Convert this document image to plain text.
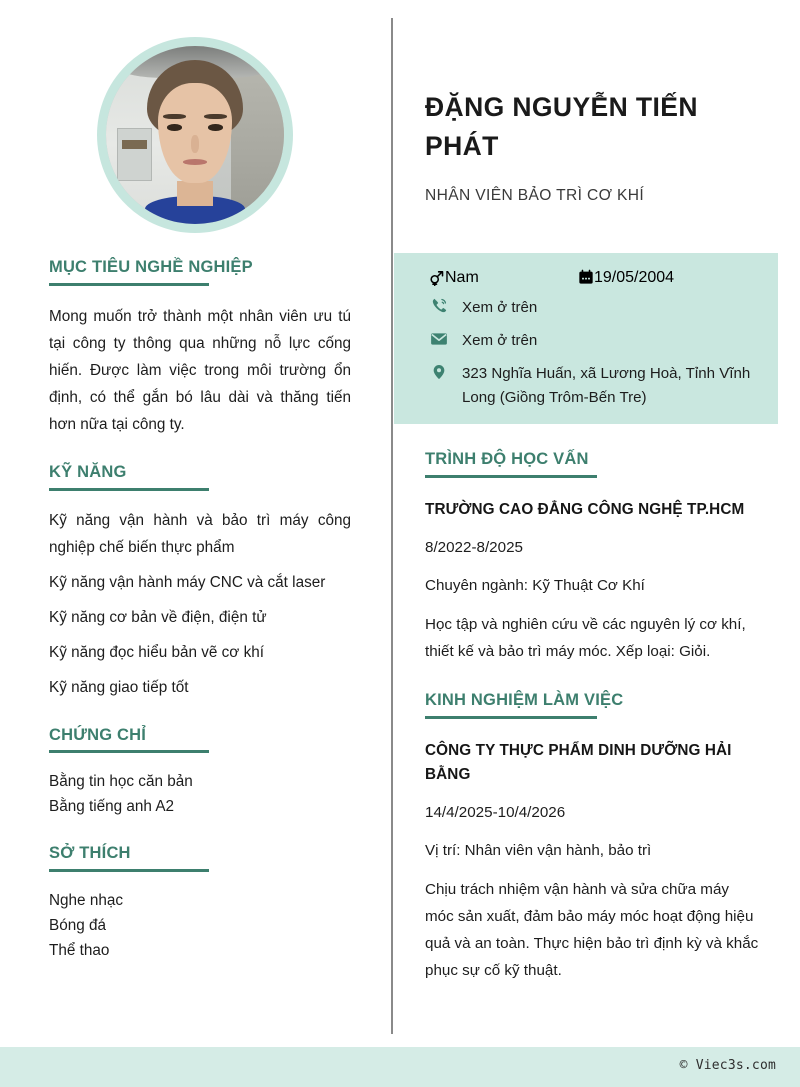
MỤC TIÊU NGHỀ NGHIỆP

Mong muốn trở thành một nhân viên ưu tú tại công ty thông qua những nỗ lực cống hiến. Được làm việc trong môi trường ổn định, có thể gắn bó lâu dài và thăng tiến hơn nữa tại công ty.

KỸ NĂNG
Kỹ năng vận hành và bảo trì máy công nghiệp chế biến thực phẩm
Kỹ năng vận hành máy CNC và cắt laser
Kỹ năng cơ bản về điện, điện tử
Kỹ năng đọc hiểu bản vẽ cơ khí
Kỹ năng giao tiếp tốt
CHỨNG CHỈ
Bằng tin học căn bản
Bằng tiếng anh A2
SỞ THÍCH
Nghe nhạc
Bóng đá
Thể thao
ĐẶNG NGUYỄN TIẾN PHÁT
NHÂN VIÊN BẢO TRÌ CƠ KHÍ
Nam	19/05/2004
Xem ở trên
Xem ở trên
323 Nghĩa Huấn, xã Lương Hoà, Tỉnh Vĩnh Long (Giồng Trôm-Bến Tre)
TRÌNH ĐỘ HỌC VẤN
TRƯỜNG CAO ĐẲNG CÔNG NGHỆ TP.HCM
8/2022-8/2025
Chuyên ngành: Kỹ Thuật Cơ Khí
Học tập và nghiên cứu về các nguyên lý cơ khí, thiết kế và bảo trì máy móc. Xếp loại: Giỏi.
KINH NGHIỆM LÀM VIỆC
CÔNG TY THỰC PHẨM DINH DƯỠNG HẢI BẰNG
14/4/2025-10/4/2026
Vị trí: Nhân viên vận hành, bảo trì
Chịu trách nhiệm vận hành và sửa chữa máy móc sản xuất, đảm bảo máy móc hoạt động hiệu quả và an toàn. Thực hiện bảo trì định kỳ và khắc phục sự cố kỹ thuật.
© Viec3s.com
